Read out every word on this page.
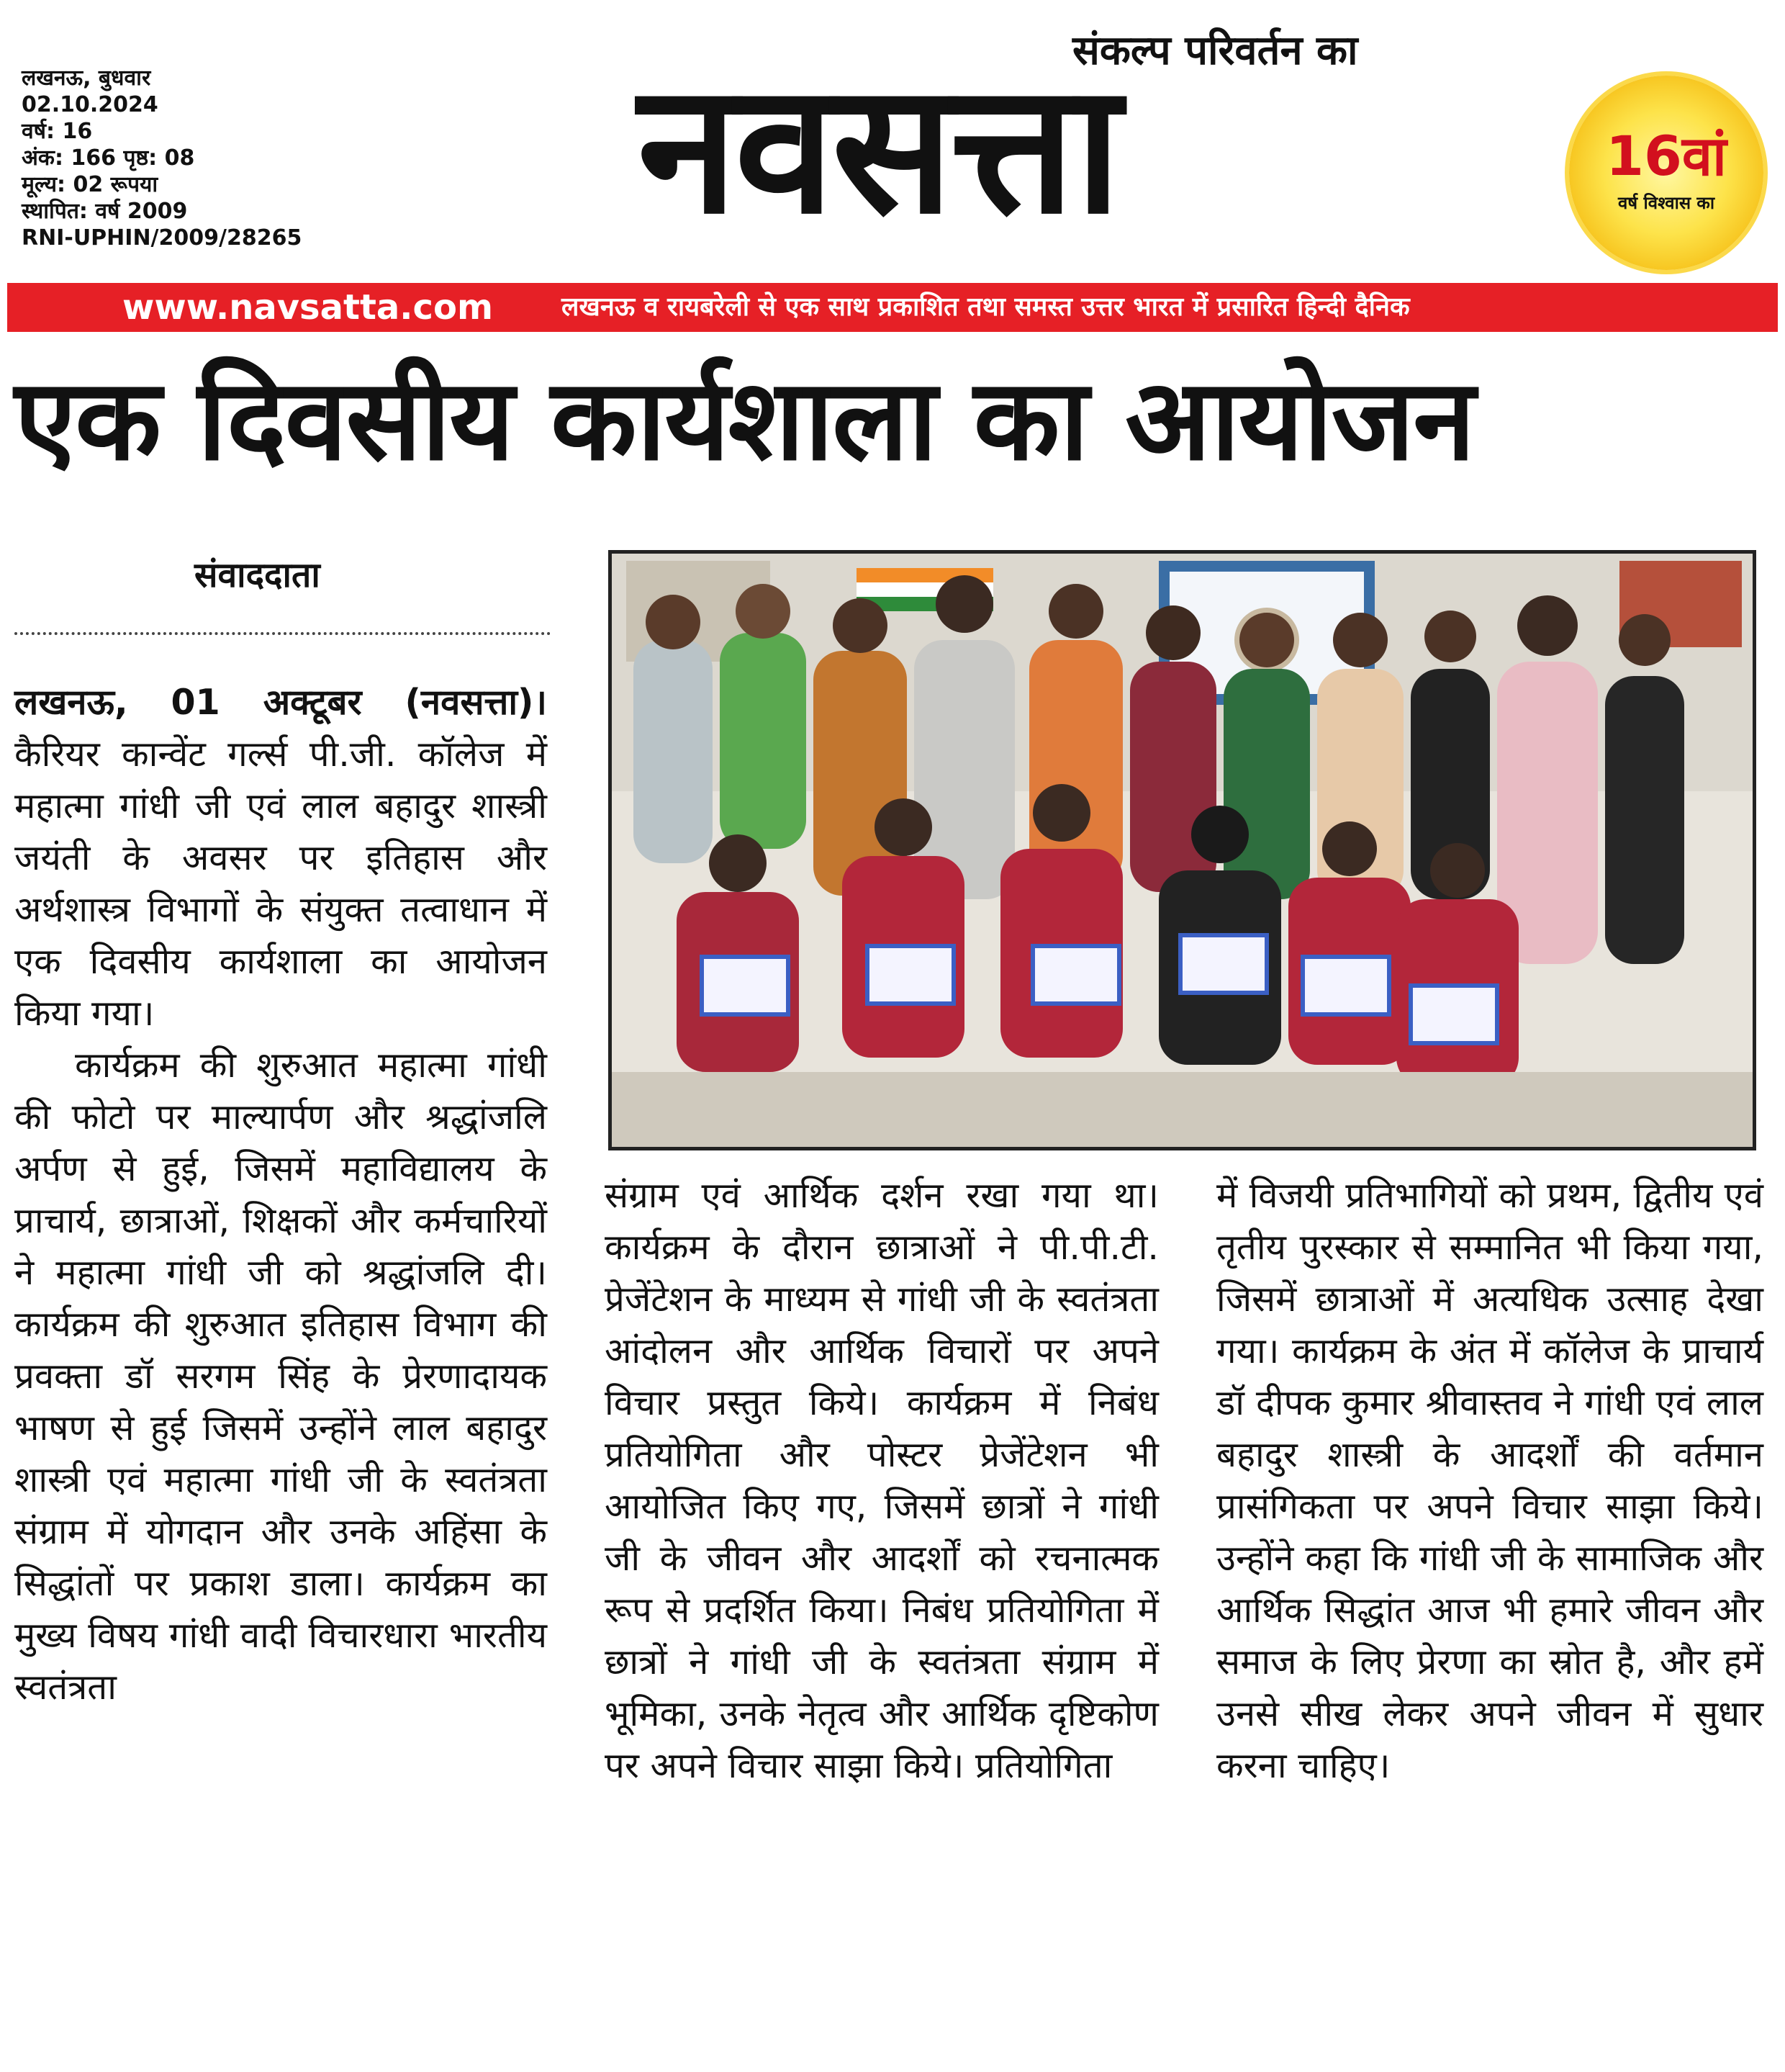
लखनऊ, बुधवार
02.10.2024
वर्ष: 16
अंक: 166 पृष्ठ: 08
मूल्य: 02 रूपया
स्थापित: वर्ष 2009
RNI-UPHIN/2009/28265
संकल्प परिवर्तन का
नवसत्ता	16वां
वर्ष विश्वास का
www.navsatta.com	लखनऊ व रायबरेली से एक साथ प्रकाशित तथा समस्त उत्तर भारत में प्रसारित हिन्दी दैनिक
एक दिवसीय कार्यशाला का आयोजन
संवाददाता

लखनऊ, 01 अक्टूबर (नवसत्ता)। कैरियर कान्वेंट गर्ल्स पी.जी. कॉलेज में महात्मा गांधी जी एवं लाल बहादुर शास्त्री जयंती के अवसर पर इतिहास और अर्थशास्त्र विभागों के संयुक्त तत्वाधान में एक दिवसीय कार्यशाला का आयोजन किया गया।

कार्यक्रम की शुरुआत महात्मा गांधी की फोटो पर माल्यार्पण और श्रद्धांजलि अर्पण से हुई, जिसमें महाविद्यालय के प्राचार्य, छात्राओं, शिक्षकों और कर्मचारियों ने महात्मा गांधी जी को श्रद्धांजलि दी। कार्यक्रम की शुरुआत इतिहास विभाग की प्रवक्ता डॉ सरगम सिंह के प्रेरणादायक भाषण से हुई जिसमें उन्होंने लाल बहादुर शास्त्री एवं महात्मा गांधी जी के स्वतंत्रता संग्राम में योगदान और उनके अहिंसा के सिद्धांतों पर प्रकाश डाला। कार्यक्रम का मुख्य विषय गांधी वादी विचारधारा भारतीय स्वतंत्रता

संग्राम एवं आर्थिक दर्शन रखा गया था। कार्यक्रम के दौरान छात्राओं ने पी.पी.टी. प्रेजेंटेशन के माध्यम से गांधी जी के स्वतंत्रता आंदोलन और आर्थिक विचारों पर अपने विचार प्रस्तुत किये। कार्यक्रम में निबंध प्रतियोगिता और पोस्टर प्रेजेंटेशन भी आयोजित किए गए, जिसमें छात्रों ने गांधी जी के जीवन और आदर्शों को रचनात्मक रूप से प्रदर्शित किया। निबंध प्रतियोगिता में छात्रों ने गांधी जी के स्वतंत्रता संग्राम में भूमिका, उनके नेतृत्व और आर्थिक दृष्टिकोण पर अपने विचार साझा किये। प्रतियोगिता

में विजयी प्रतिभागियों को प्रथम, द्वितीय एवं तृतीय पुरस्कार से सम्मानित भी किया गया, जिसमें छात्राओं में अत्यधिक उत्साह देखा गया। कार्यक्रम के अंत में कॉलेज के प्राचार्य डॉ दीपक कुमार श्रीवास्तव ने गांधी एवं लाल बहादुर शास्त्री के आदर्शों की वर्तमान प्रासंगिकता पर अपने विचार साझा किये। उन्होंने कहा कि गांधी जी के सामाजिक और आर्थिक सिद्धांत आज भी हमारे जीवन और समाज के लिए प्रेरणा का स्रोत है, और हमें उनसे सीख लेकर अपने जीवन में सुधार करना चाहिए।
